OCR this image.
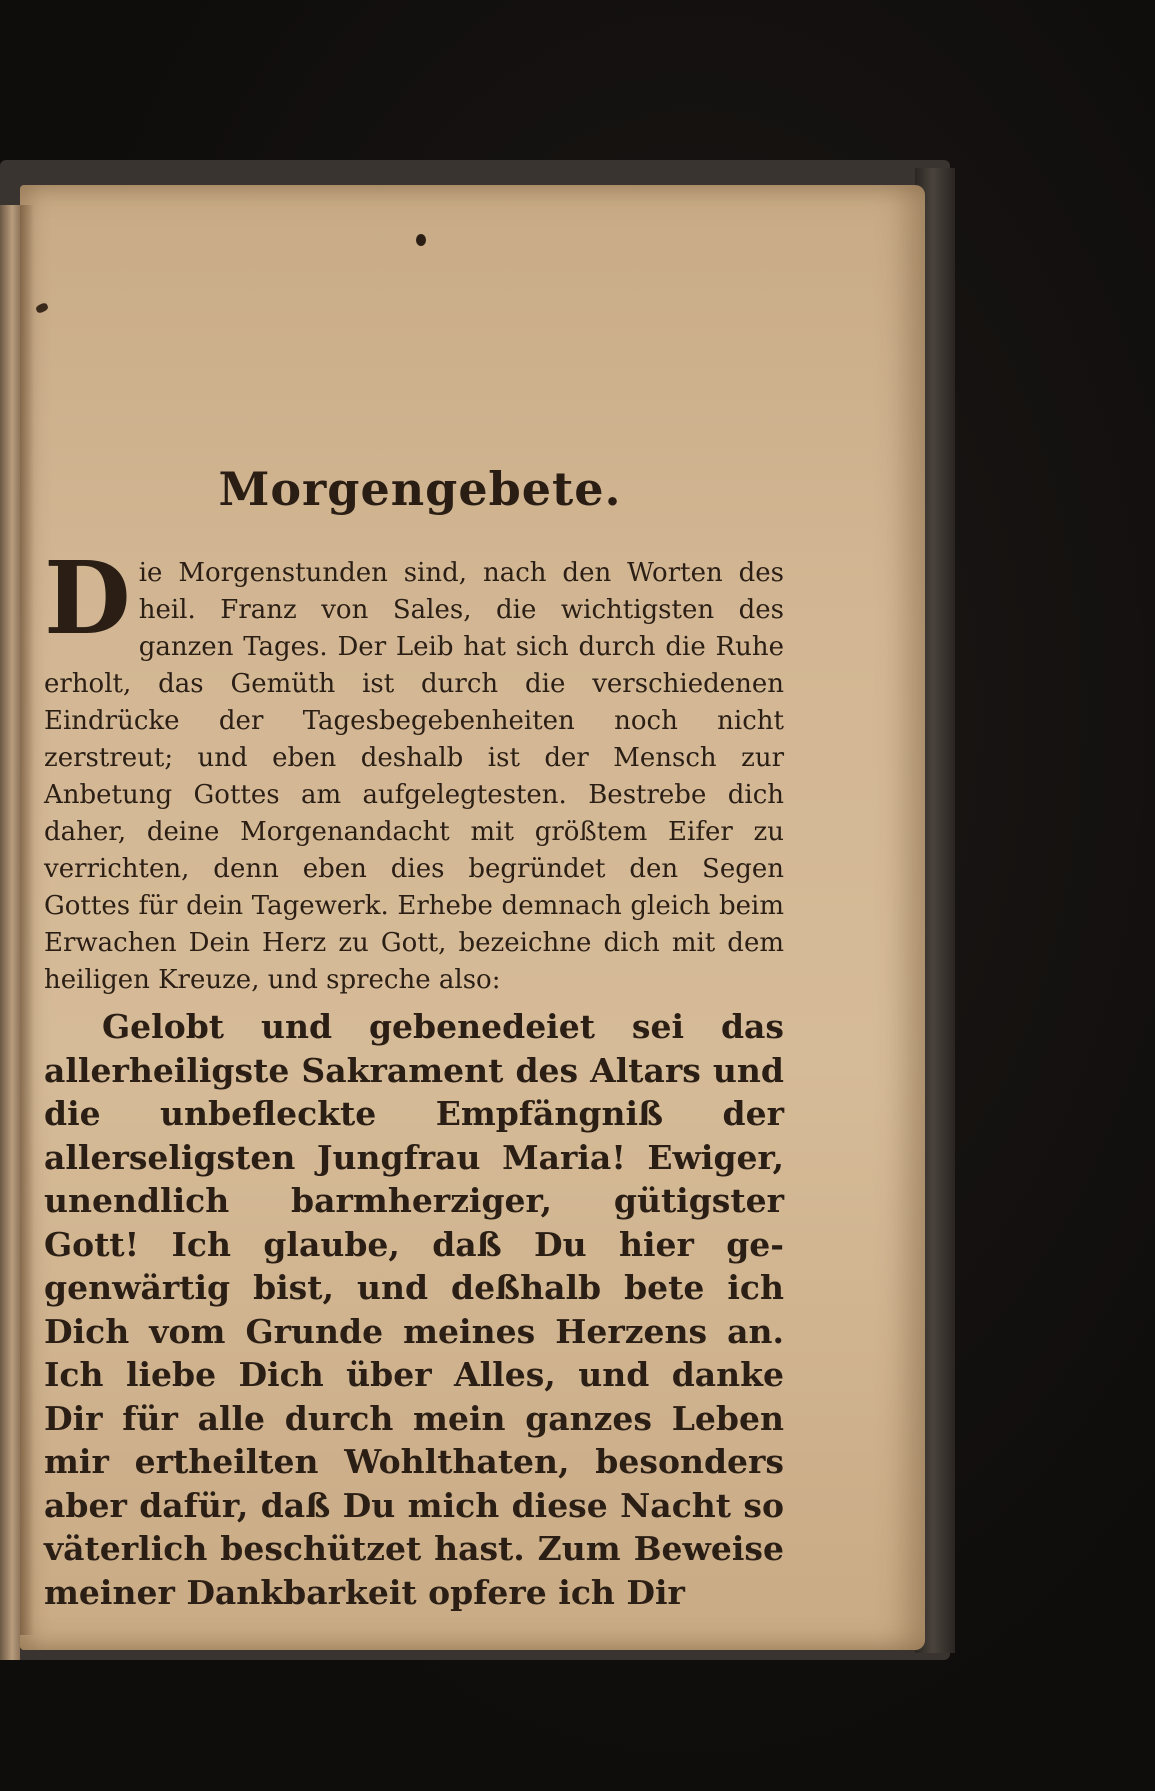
Morgengebete.

Die Morgenstunden sind, nach den Worten des heil. Franz von Sales, die wichtigsten des ganzen Tages. Der Leib hat sich durch die Ruhe erholt, das Gemüth ist durch die verschiedenen Eindrücke der Tagesbegebenheiten noch nicht zerstreut; und eben deshalb ist der Mensch zur Anbetung Gottes am aufgelegtesten. Bestrebe dich daher, deine Morgenandacht mit größtem Eifer zu verrichten, denn eben dies begründet den Segen Gottes für dein Tagewerk. Erhebe demnach gleich beim Erwachen Dein Herz zu Gott, bezeichne dich mit dem heiligen Kreuze, und spreche also:

Gelobt und gebenedeiet sei das allerheiligste Sakrament des Altars und die unbefleckte Empfängniß der allerseligsten Jungfrau Maria! Ewiger, unendlich barmherziger, gütigster Gott! Ich glaube, daß Du hier gegenwärtig bist, und deßhalb bete ich Dich vom Grunde meines Herzens an. Ich liebe Dich über Alles, und danke Dir für alle durch mein ganzes Leben mir ertheilten Wohlthaten, besonders aber dafür, daß Du mich diese Nacht so väterlich beschützet hast. Zum Beweise meiner Dankbarkeit opfere ich Dir
